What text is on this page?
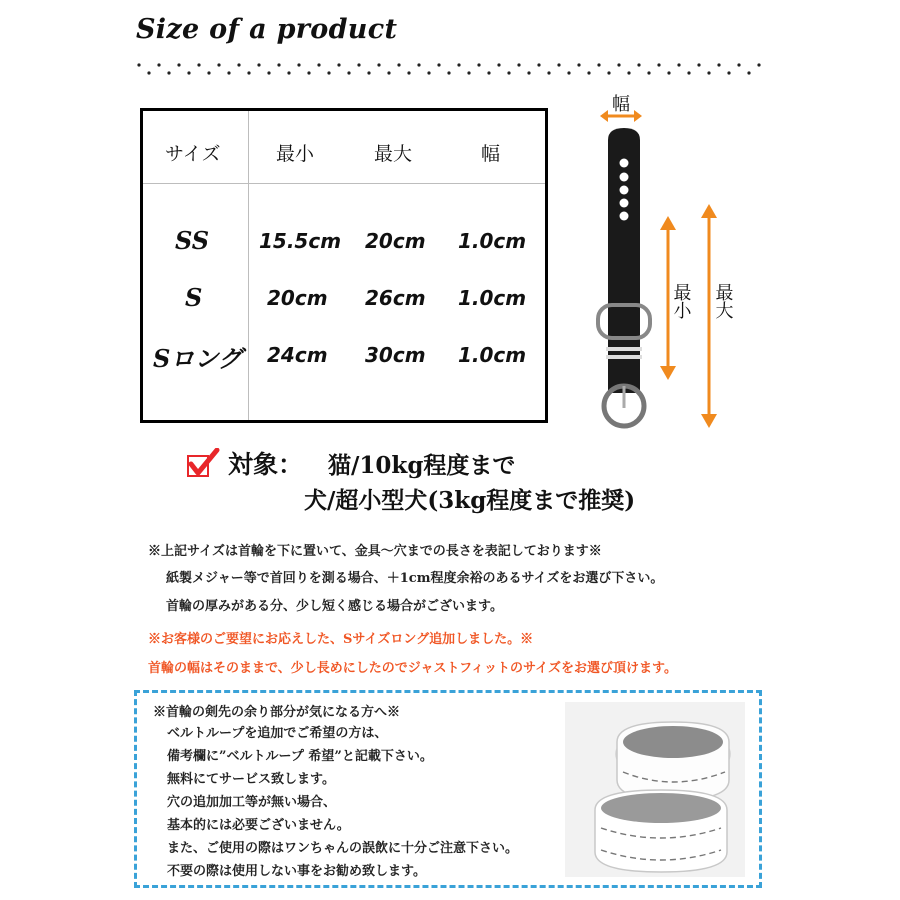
Size of a product
サイズ	最小	最大	幅
SS 15.5cm 20cm 1.0cm
S	20cm 26cm 1.0cm
Sロング 24cm 30cm 1.0cm
幅
最小 最大
対象： 猫/10kg程度まで
犬/超小型犬(3kg程度まで推奨)
※上記サイズは首輪を下に置いて、金具～穴までの長さを表記しております※
紙製メジャー等で首回りを測る場合、＋1cm程度余裕のあるサイズをお選び下さい。
首輪の厚みがある分、少し短く感じる場合がございます。
※お客様のご要望にお応えした、Sサイズロング追加しました。※
首輪の幅はそのままで、少し長めにしたのでジャストフィットのサイズをお選び頂けます。
※首輪の剣先の余り部分が気になる方へ※
ベルトループを追加でご希望の方は、
備考欄に”ベルトループ 希望”と記載下さい。
無料にてサービス致します。
穴の追加加工等が無い場合、
基本的には必要ございません。
また、ご使用の際はワンちゃんの誤飲に十分ご注意下さい。
不要の際は使用しない事をお勧め致します。
